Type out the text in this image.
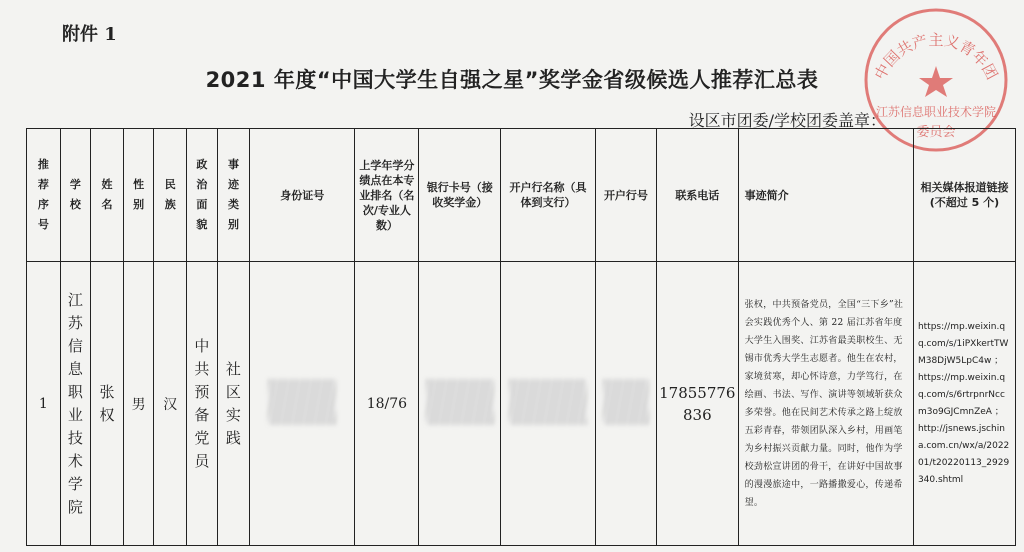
附件 1
2021 年度“中国大学生自强之星”奖学金省级候选人推荐汇总表
设区市团委/学校团委盖章：
中国共产主义青年团
江苏信息职业技术学院
委员会
推荐序号	学校	姓名	性别	民族	政治面貌	事迹类别	身份证号	上学年学分绩点在本专业排名（名次/专业人数）	银行卡号（接收奖学金）	开户行名称（具体到支行）	开户行号	联系电话	事迹简介	相关媒体报道链接(不超过 5 个)
1	江苏信息职业技术学院	张权	男	汉	中共预备党员	社区实践		18/76				17855776836	张权，中共预备党员，全国“三下乡”社会实践优秀个人、第 22 届江苏省年度大学生入围奖、江苏省最美职校生、无锡市优秀大学生志愿者。他生在农村，家境贫寒，却心怀诗意，力学笃行，在绘画、书法、写作、演讲等领域斩获众多荣誉。他在民间艺术传承之路上绽放五彩青春，带领团队深入乡村，用画笔为乡村振兴贡献力量。同时，他作为学校劲松宣讲团的骨干，在讲好中国故事的漫漫旅途中，一路播撒爱心，传递希望。	https://mp.weixin.qq.com/s/1iPXkertTWM38DjW5LpC4w ；
https://mp.weixin.qq.com/s/6rtrpnrNccm3o9GJCmnZeA ；
http://jsnews.jschina.com.cn/wx/a/202201/t20220113_2929340.shtml
